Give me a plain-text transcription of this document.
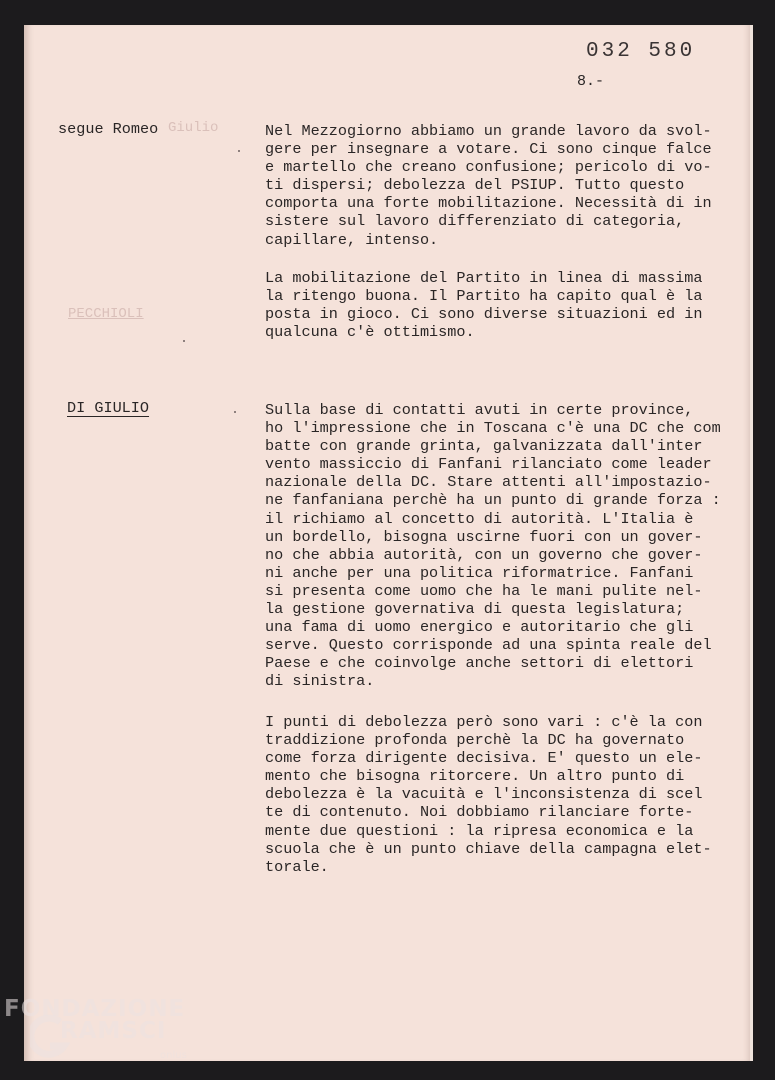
Giulio

PECCHIOLI

032 580

8.-

segue Romeo	Nel Mezzogiorno abbiamo un grande lavoro da svol-
gere per insegnare a votare. Ci sono cinque falce
e martello che creano confusione; pericolo di vo-
ti dispersi; debolezza del PSIUP. Tutto questo
comporta una forte mobilitazione. Necessità di in
sistere sul lavoro differenziato di categoria,
capillare, intenso.

La mobilitazione del Partito in linea di massima
la ritengo buona. Il Partito ha capito qual è la
posta in gioco. Ci sono diverse situazioni ed in
qualcuna c'è ottimismo.

DI GIULIO	Sulla base di contatti avuti in certe province,
ho l'impressione che in Toscana c'è una DC che com
batte con grande grinta, galvanizzata dall'inter
vento massiccio di Fanfani rilanciato come leader
nazionale della DC. Stare attenti all'impostazio-
ne fanfaniana perchè ha un punto di grande forza :
il richiamo al concetto di autorità. L'Italia è
un bordello, bisogna uscirne fuori con un gover-
no che abbia autorità, con un governo che gover-
ni anche per una politica riformatrice. Fanfani
si presenta come uomo che ha le mani pulite nel-
la gestione governativa di questa legislatura;
una fama di uomo energico e autoritario che gli
serve. Questo corrisponde ad una spinta reale del
Paese e che coinvolge anche settori di elettori
di sinistra.

I punti di debolezza però sono vari : c'è la con
traddizione profonda perchè la DC ha governato
come forza dirigente decisiva. E' questo un ele-
mento che bisogna ritorcere. Un altro punto di
debolezza è la vacuità e l'inconsistenza di scel
te di contenuto. Noi dobbiamo rilanciare forte-
mente due questioni : la ripresa economica e la
scuola che è un punto chiave della campagna elet-
torale.

FONDAZIONE

RAMSCI

onlus
